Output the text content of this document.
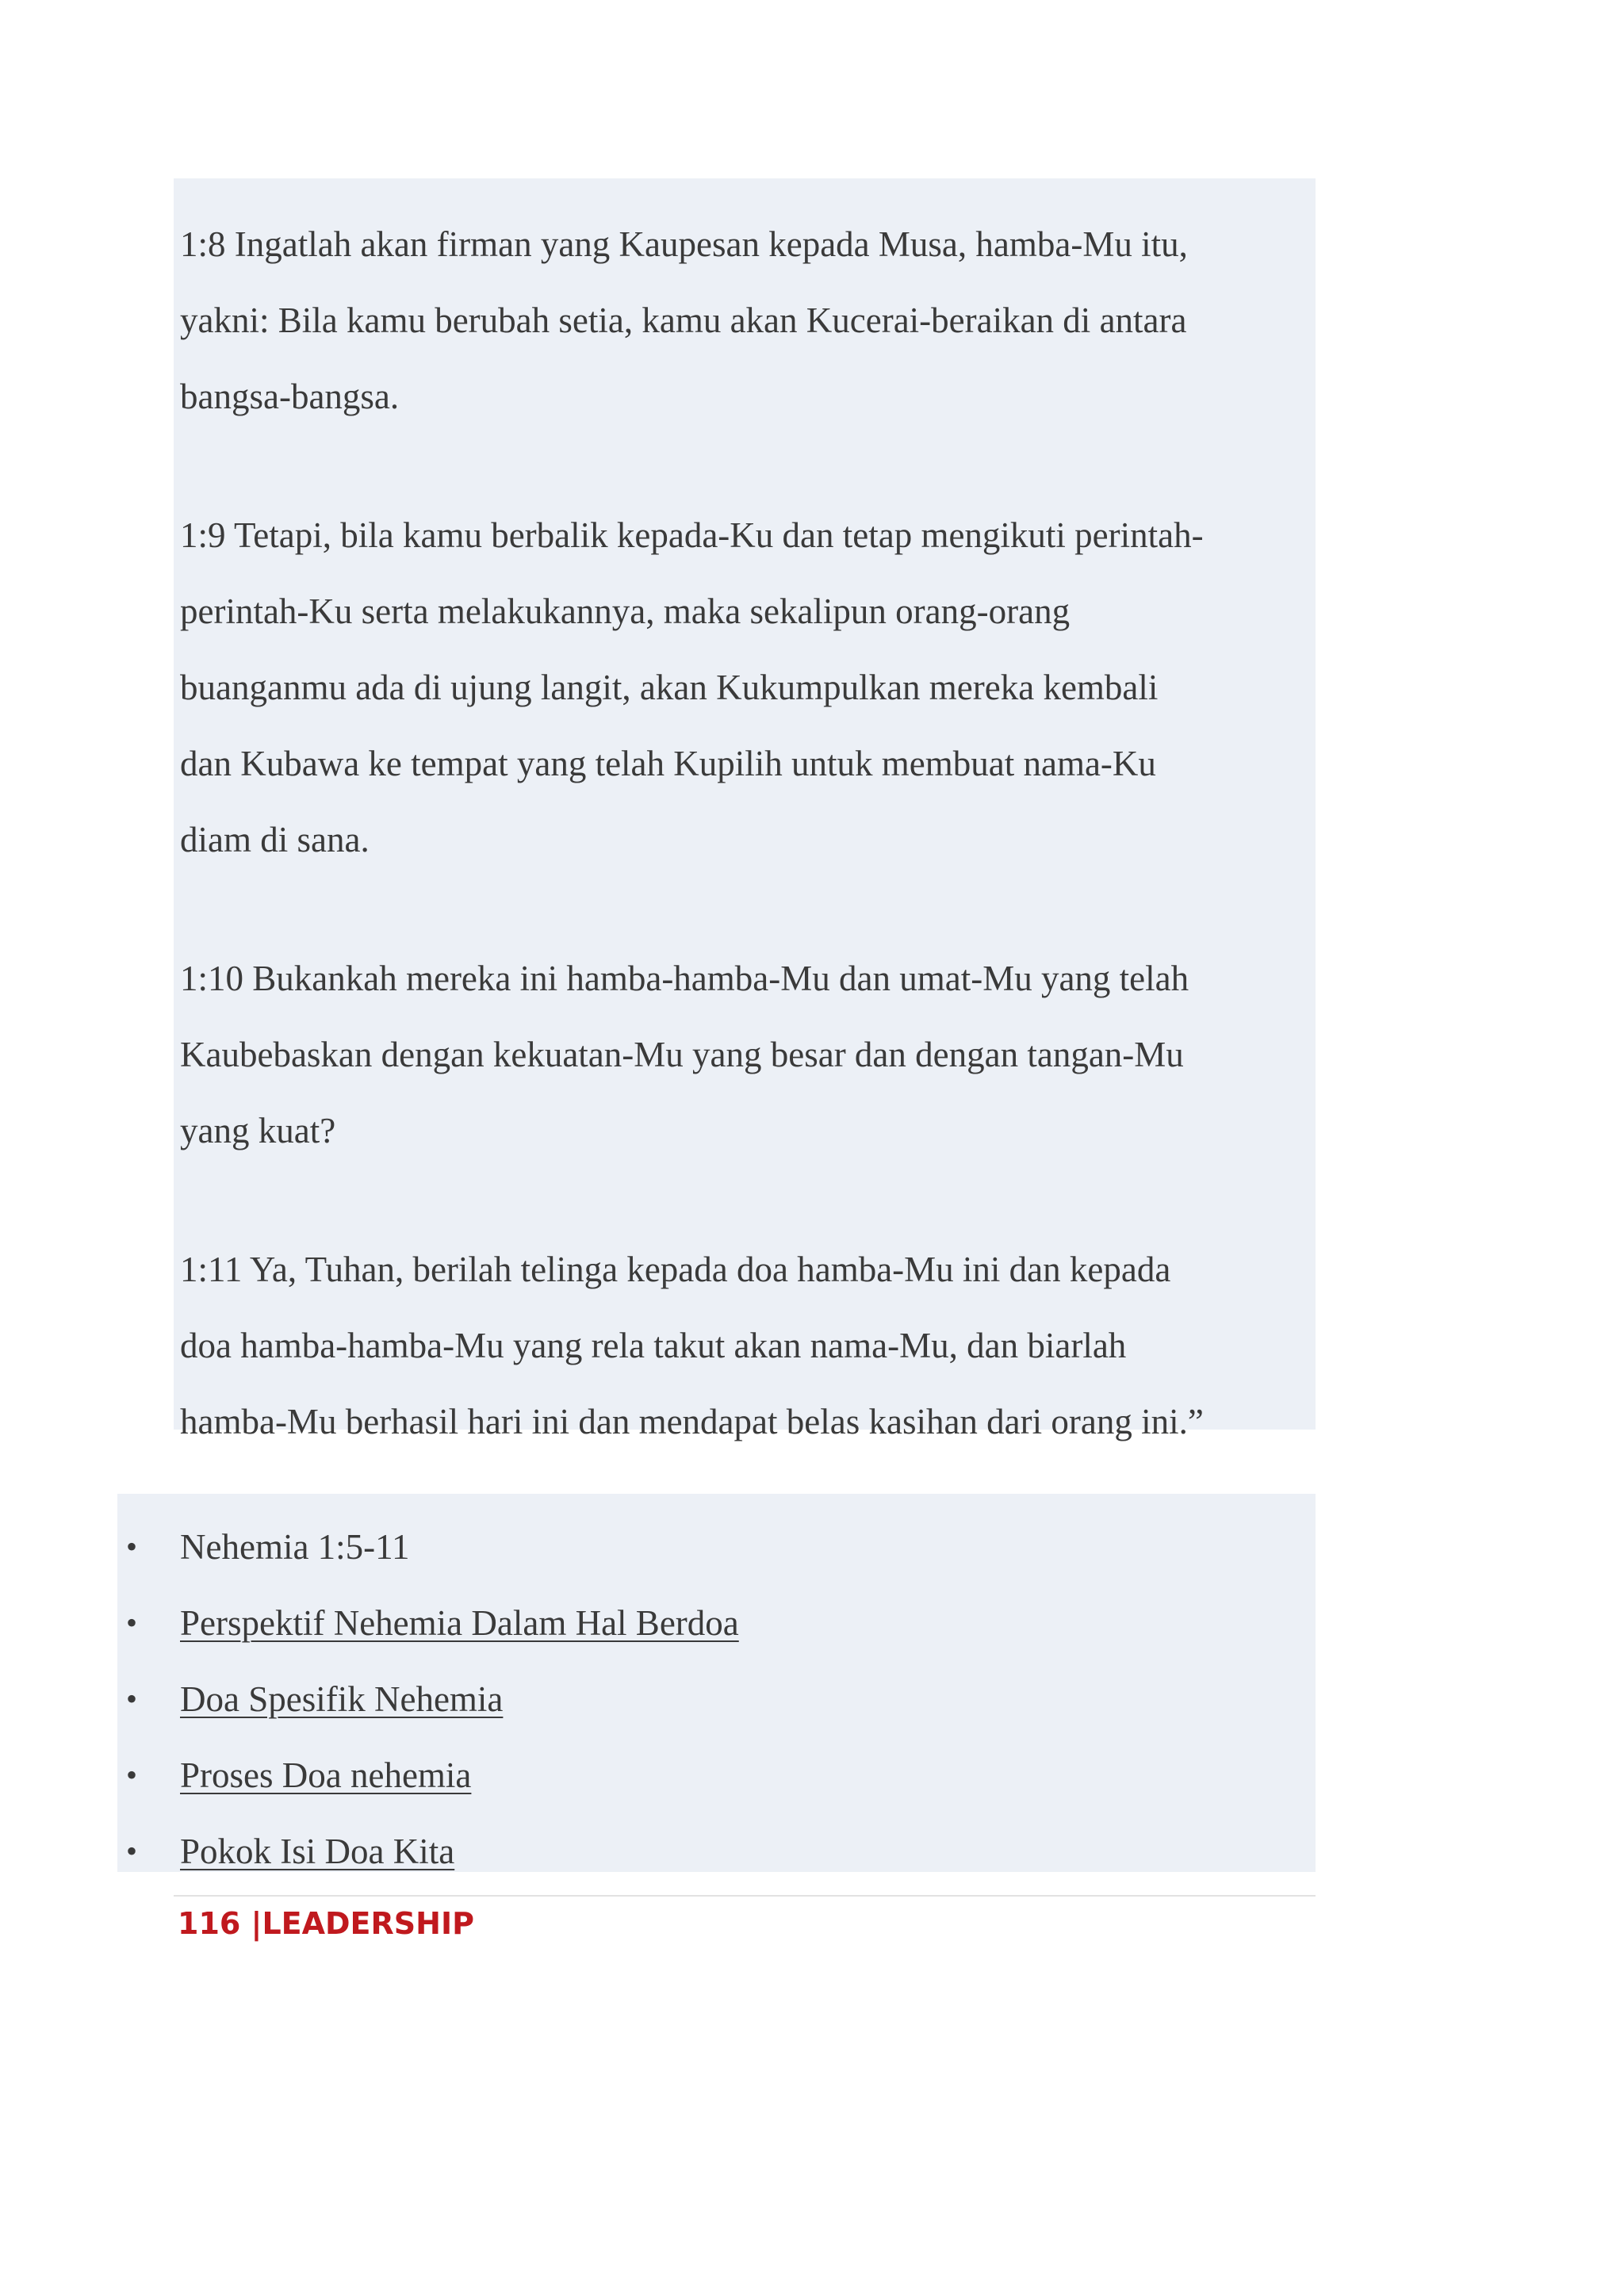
1:8 Ingatlah akan firman yang Kaupesan kepada Musa, hamba-Mu itu,
yakni: Bila kamu berubah setia, kamu akan Kucerai-beraikan di antara
bangsa-bangsa.
1:9 Tetapi, bila kamu berbalik kepada-Ku dan tetap mengikuti perintah-
perintah-Ku serta melakukannya, maka sekalipun orang-orang
buanganmu ada di ujung langit, akan Kukumpulkan mereka kembali
dan Kubawa ke tempat yang telah Kupilih untuk membuat nama-Ku
diam di sana.
1:10 Bukankah mereka ini hamba-hamba-Mu dan umat-Mu yang telah
Kaubebaskan dengan kekuatan-Mu yang besar dan dengan tangan-Mu
yang kuat?
1:11 Ya, Tuhan, berilah telinga kepada doa hamba-Mu ini dan kepada
doa hamba-hamba-Mu yang rela takut akan nama-Mu, dan biarlah
hamba-Mu berhasil hari ini dan mendapat belas kasihan dari orang ini.”
• Nehemia 1:5-11
• Perspektif Nehemia Dalam Hal Berdoa
• Doa Spesifik Nehemia
• Proses Doa nehemia
• Pokok Isi Doa Kita
116 |LEADERSHIP
